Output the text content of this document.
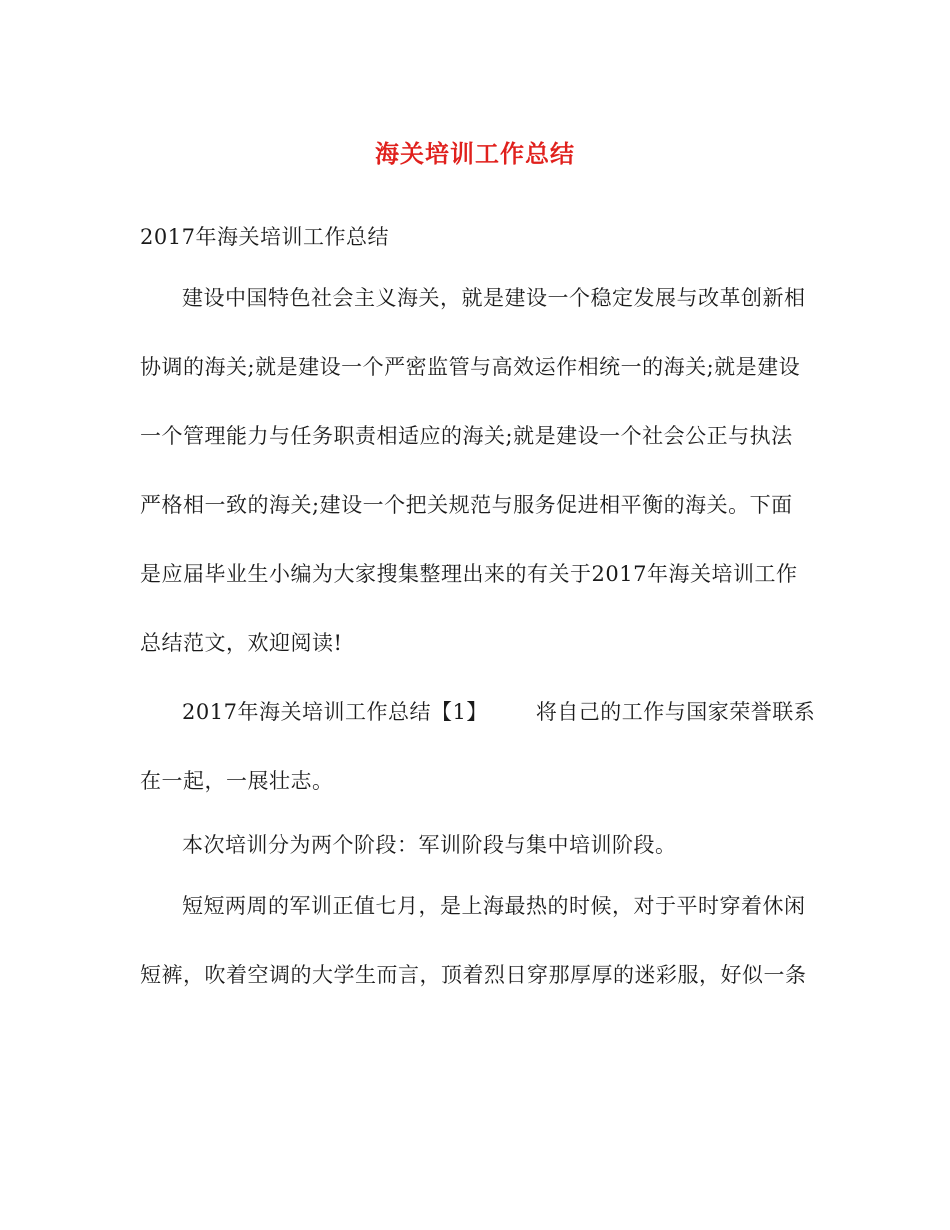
海关培训工作总结
2017年海关培训工作总结
建设中国特色社会主义海关，就是建设一个稳定发展与改革创新相
协调的海关;就是建设一个严密监管与高效运作相统一的海关;就是建设
一个管理能力与任务职责相适应的海关;就是建设一个社会公正与执法
严格相一致的海关;建设一个把关规范与服务促进相平衡的海关。下面
是应届毕业生小编为大家搜集整理出来的有关于2017年海关培训工作
总结范文，欢迎阅读!
2017年海关培训工作总结【1】 将自己的工作与国家荣誉联系
在一起，一展壮志。
本次培训分为两个阶段：军训阶段与集中培训阶段。
短短两周的军训正值七月，是上海最热的时候，对于平时穿着休闲
短裤，吹着空调的大学生而言，顶着烈日穿那厚厚的迷彩服，好似一条
